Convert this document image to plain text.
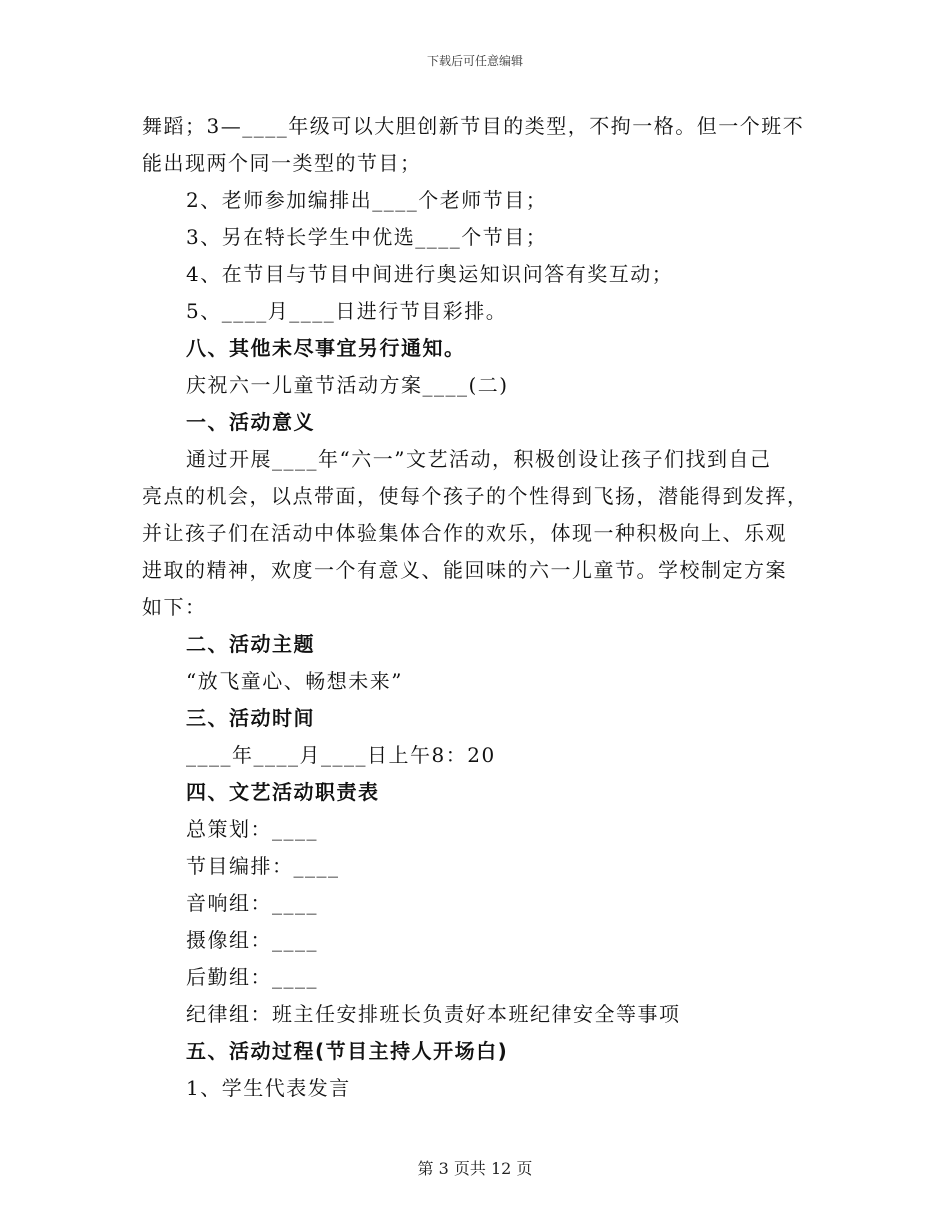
下载后可任意编辑
舞蹈；3—____年级可以大胆创新节目的类型，不拘一格。但一个班不
能出现两个同一类型的节目；
2、老师参加编排出____个老师节目；
3、另在特长学生中优选____个节目；
4、在节目与节目中间进行奥运知识问答有奖互动；
5、____月____日进行节目彩排。
八、其他未尽事宜另行通知。
庆祝六一儿童节活动方案____(二)
一、活动意义
通过开展____年“六一”文艺活动，积极创设让孩子们找到自己
亮点的机会，以点带面，使每个孩子的个性得到飞扬，潜能得到发挥，
并让孩子们在活动中体验集体合作的欢乐，体现一种积极向上、乐观
进取的精神，欢度一个有意义、能回味的六一儿童节。学校制定方案
如下：
二、活动主题
“放飞童心、畅想未来”
三、活动时间
____年____月____日上午8：20
四、文艺活动职责表
总策划：____
节目编排：____
音响组：____
摄像组：____
后勤组：____
纪律组：班主任安排班长负责好本班纪律安全等事项
五、活动过程(节目主持人开场白)
1、学生代表发言
第 3 页共 12 页
